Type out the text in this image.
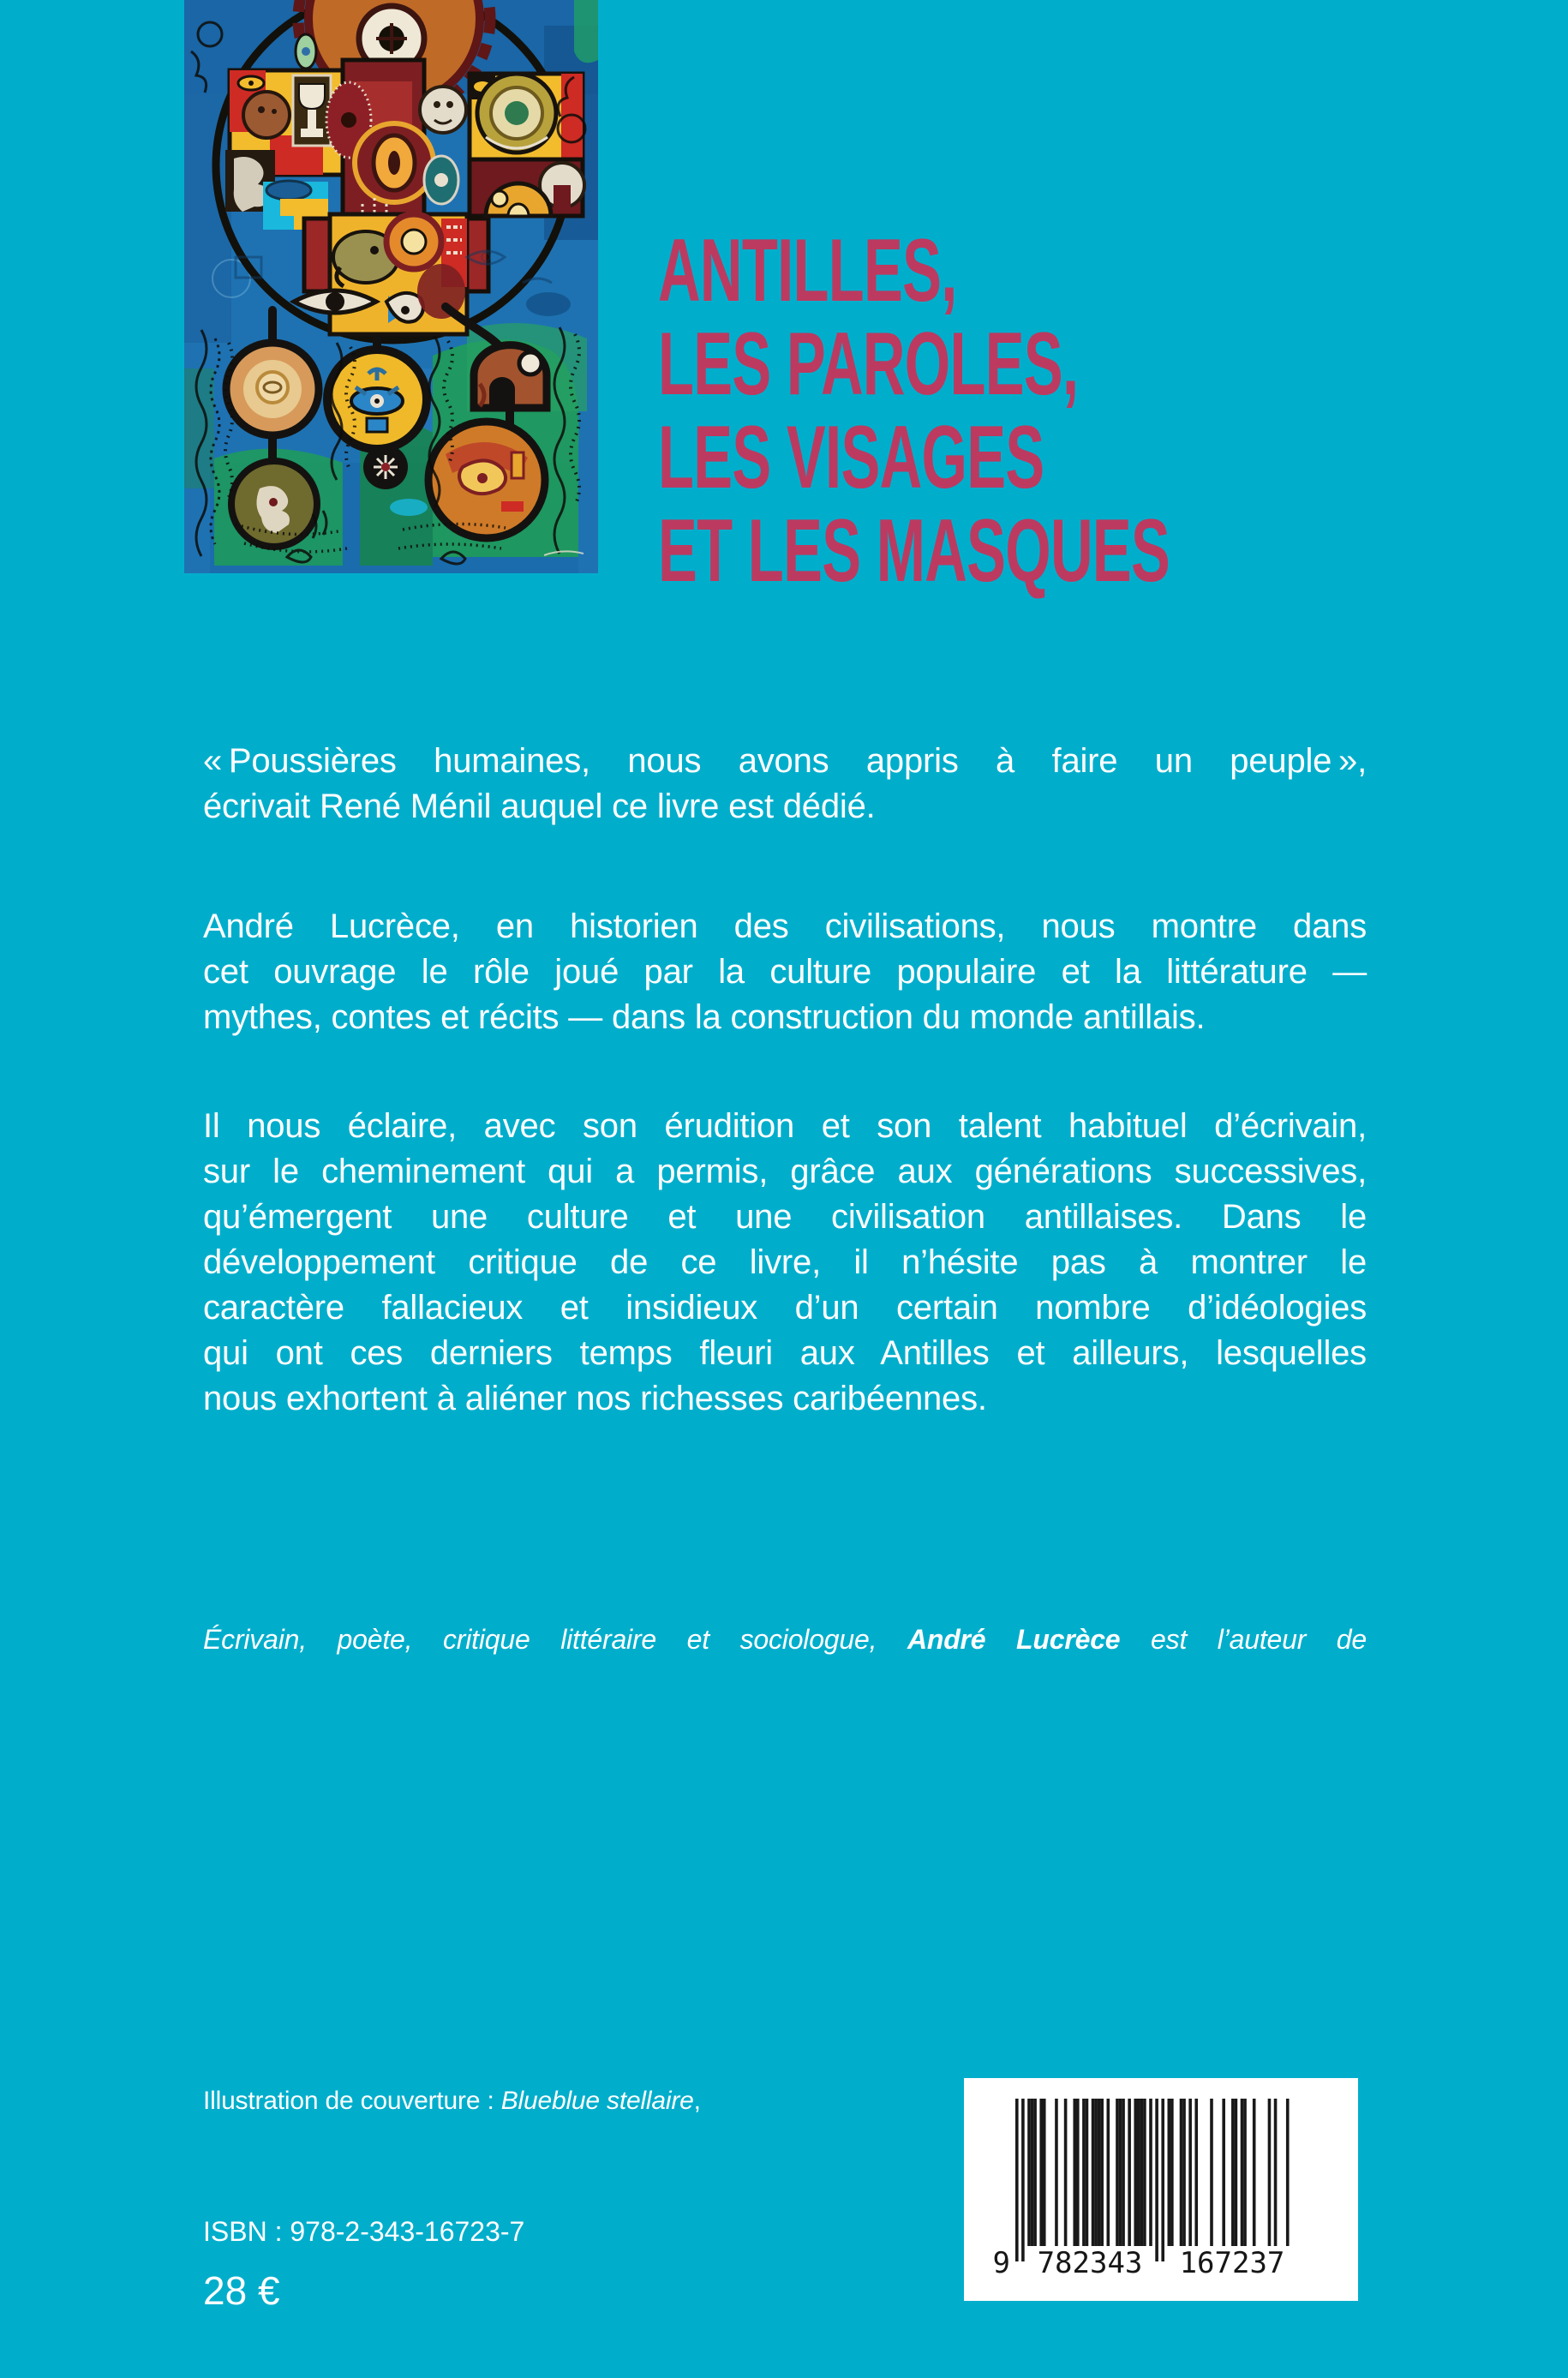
ANTILLES,
LES PAROLES,
LES VISAGES
ET LES MASQUES
« Poussières humaines, nous avons appris à faire un peuple »,
écrivait René Ménil auquel ce livre est dédié.
André Lucrèce, en historien des civilisations, nous montre dans
cet ouvrage le rôle joué par la culture populaire et la littérature —
mythes, contes et récits — dans la construction du monde antillais.
Il nous éclaire, avec son érudition et son talent habituel d’écrivain,
sur le cheminement qui a permis, grâce aux générations successives,
qu’émergent une culture et une civilisation antillaises. Dans le
développement critique de ce livre, il n’hésite pas à montrer le
caractère fallacieux et insidieux d’un certain nombre d’idéologies
qui ont ces derniers temps fleuri aux Antilles et ailleurs, lesquelles
nous exhortent à aliéner nos richesses caribéennes.
Écrivain, poète, critique littéraire et sociologue, André Lucrèce est l’auteur de
Illustration de couverture : Blueblue stellaire,
ISBN : 978-2-343-16723-7
28 €
9 782343	167237
